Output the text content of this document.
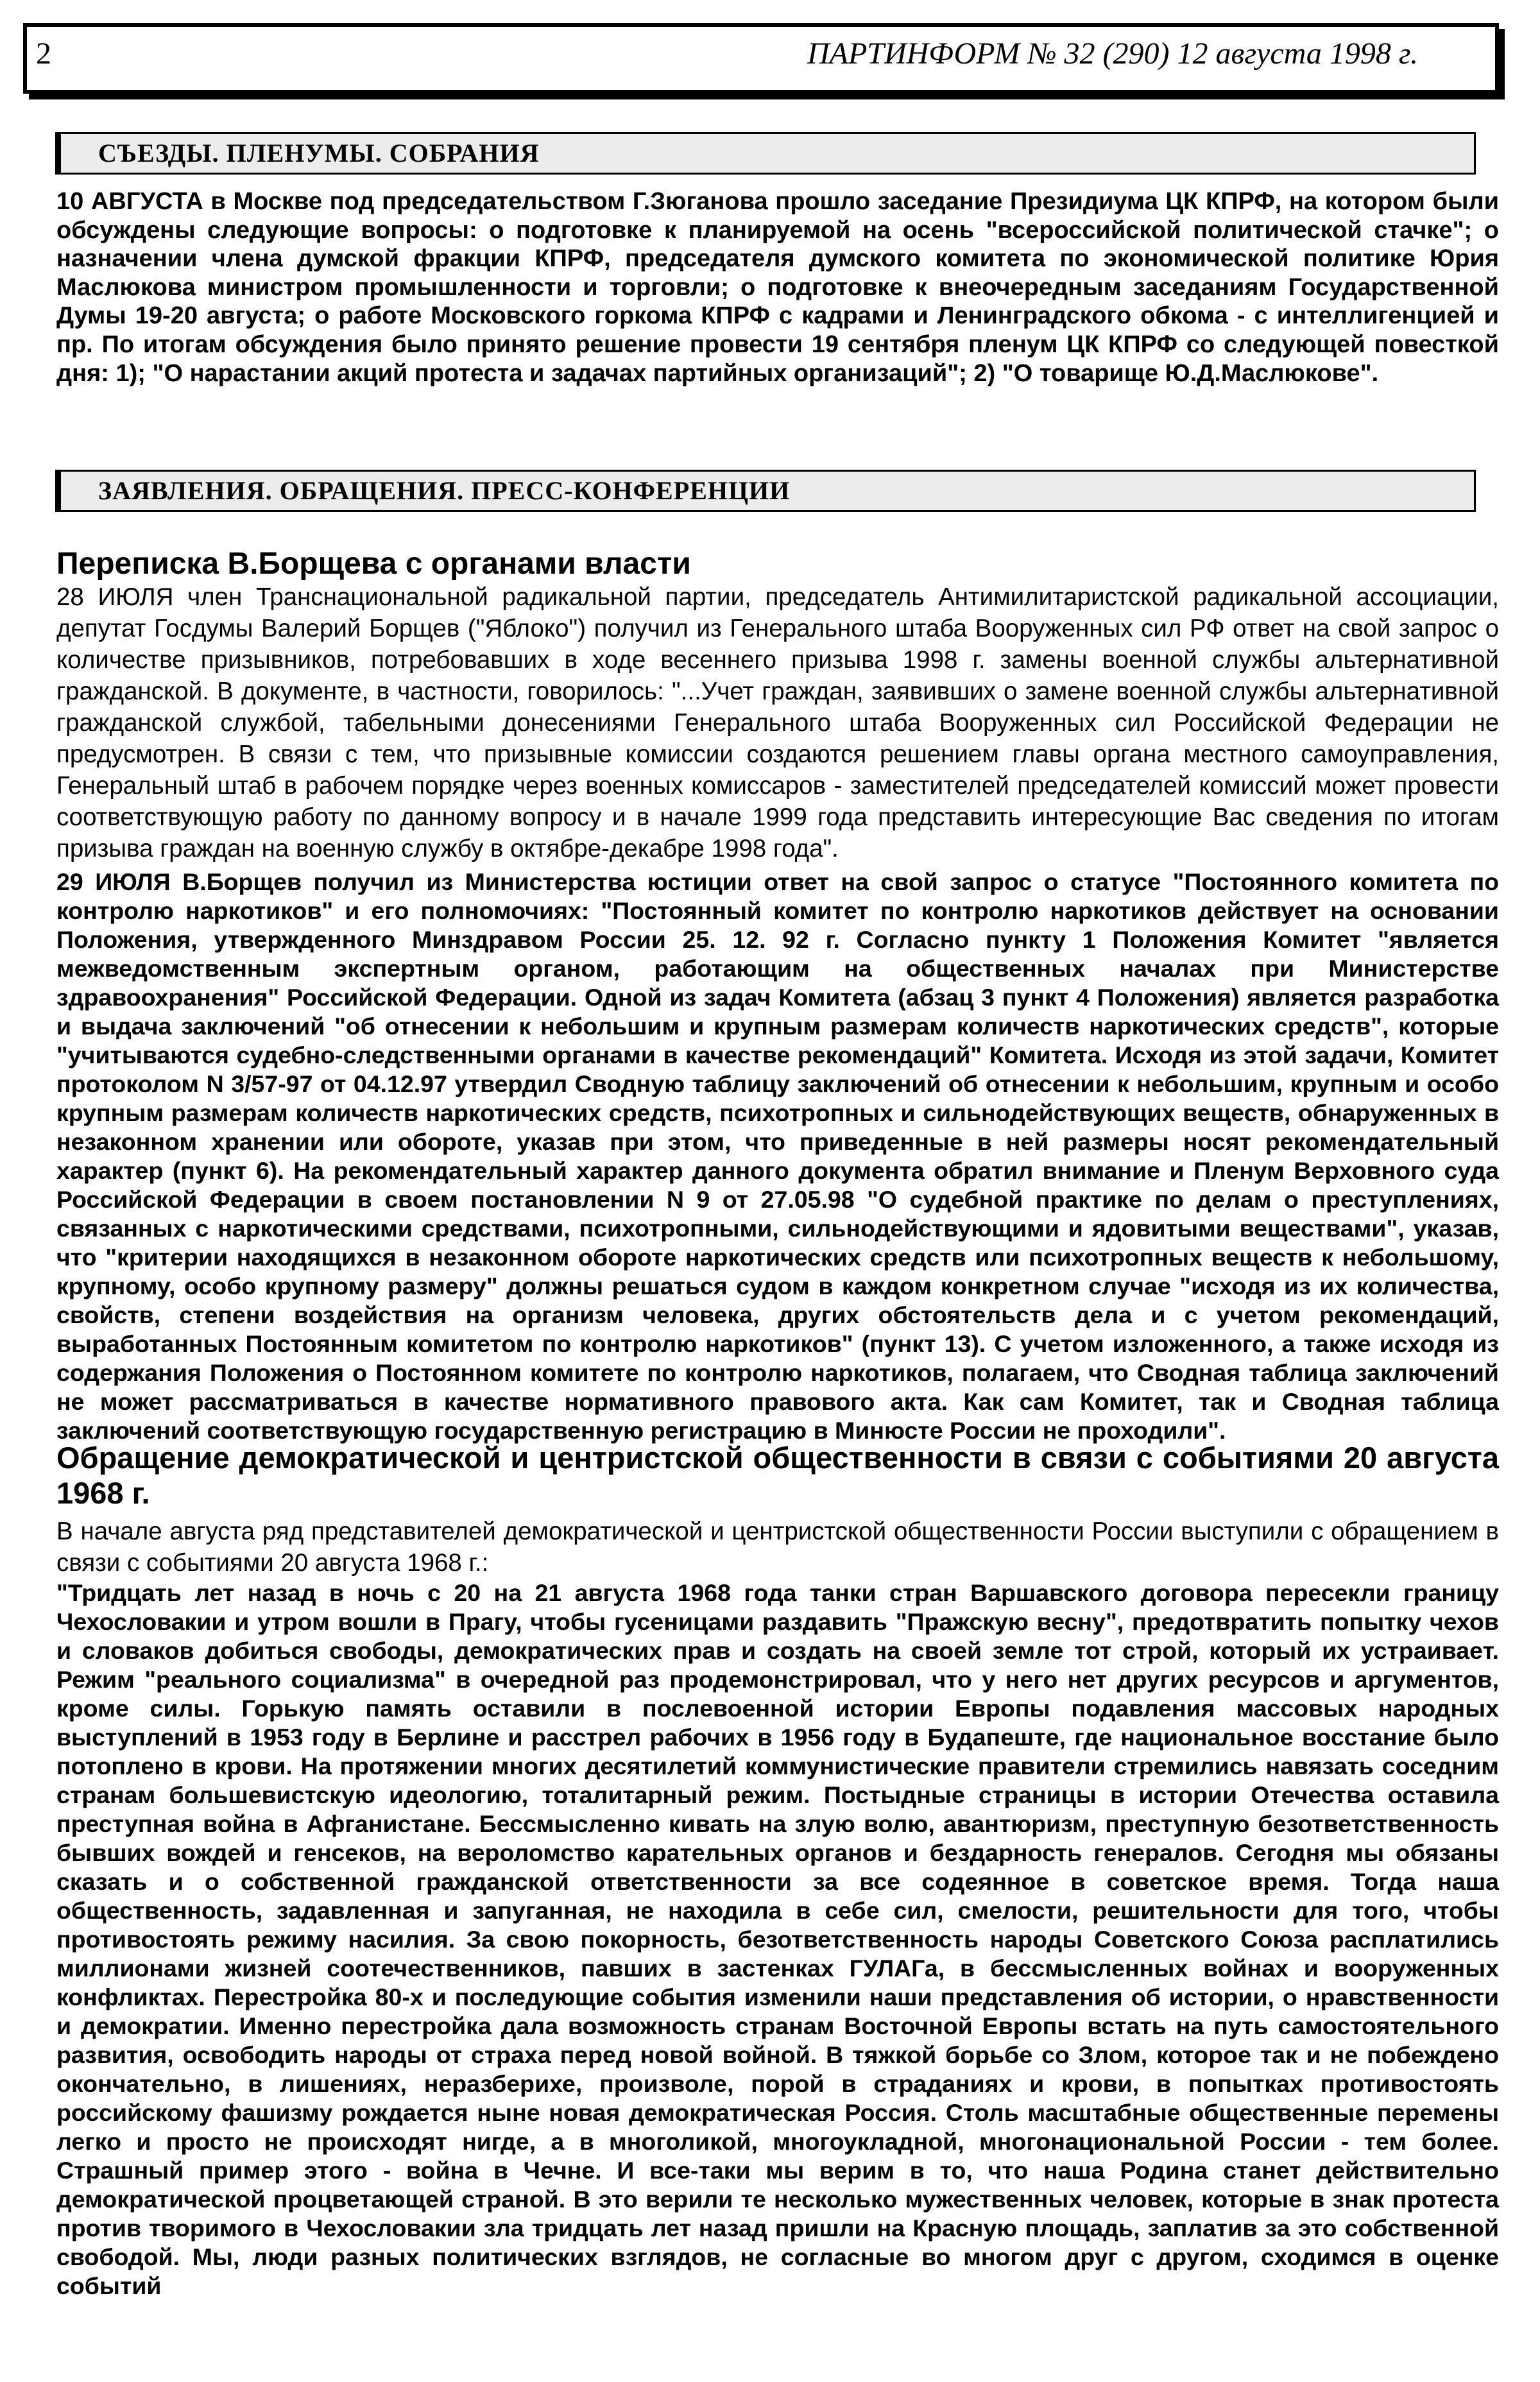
2	ПАРТИНФОРМ № 32 (290) 12 августа 1998 г.
СЪЕЗДЫ. ПЛЕНУМЫ. СОБРАНИЯ
10 АВГУСТА в Москве под председательством Г.Зюганова прошло заседание Президиума ЦК КПРФ, на котором были обсуждены следующие вопросы: о подготовке к планируемой на осень "всероссийской политической стачке"; о назначении члена думской фракции КПРФ, председателя думского комитета по экономической политике Юрия Маслюкова министром промышленности и торговли; о подготовке к внеочередным заседаниям Государственной Думы 19-20 августа; о работе Московского горкома КПРФ с кадрами и Ленинградского обкома - с интеллигенцией и пр. По итогам обсуждения было принято решение провести 19 сентября пленум ЦК КПРФ со следующей повесткой дня: 1); "О нарастании акций протеста и задачах партийных организаций"; 2) "О товарище Ю.Д.Маслюкове".
ЗАЯВЛЕНИЯ. ОБРАЩЕНИЯ. ПРЕСС-КОНФЕРЕНЦИИ
Переписка В.Борщева с органами власти
28 ИЮЛЯ член Транснациональной радикальной партии, председатель Антимилитаристской радикальной ассоциации, депутат Госдумы Валерий Борщев ("Яблоко") получил из Генерального штаба Вооруженных сил РФ ответ на свой запрос о количестве призывников, потребовавших в ходе весеннего призыва 1998 г. замены военной службы альтернативной гражданской. В документе, в частности, говорилось: "...Учет граждан, заявивших о замене военной службы альтернативной гражданской службой, табельными донесениями Генерального штаба Вооруженных сил Российской Федерации не предусмотрен. В связи с тем, что призывные комиссии создаются решением главы органа местного самоуправления, Генеральный штаб в рабочем порядке через военных комиссаров - заместителей председателей комиссий может провести соответствующую работу по данному вопросу и в начале 1999 года представить интересующие Вас сведения по итогам призыва граждан на военную службу в октябре-декабре 1998 года".
29 ИЮЛЯ В.Борщев получил из Министерства юстиции ответ на свой запрос о статусе "Постоянного комитета по контролю наркотиков" и его полномочиях: "Постоянный комитет по контролю наркотиков действует на основании Положения, утвержденного Минздравом России 25. 12. 92 г. Согласно пункту 1 Положения Комитет "является межведомственным экспертным органом, работающим на общественных началах при Министерстве здравоохранения" Российской Федерации. Одной из задач Комитета (абзац 3 пункт 4 Положения) является разработка и выдача заключений "об отнесении к небольшим и крупным размерам количеств наркотических средств", которые "учитываются судебно-следственными органами в качестве рекомендаций" Комитета. Исходя из этой задачи, Комитет протоколом N 3/57-97 от 04.12.97 утвердил Сводную таблицу заключений об отнесении к небольшим, крупным и особо крупным размерам количеств наркотических средств, психотропных и сильнодействующих веществ, обнаруженных в незаконном хранении или обороте, указав при этом, что приведенные в ней размеры носят рекомендательный характер (пункт 6). На рекомендательный характер данного документа обратил внимание и Пленум Верховного суда Российской Федерации в своем постановлении N 9 от 27.05.98 "О судебной практике по делам о преступлениях, связанных с наркотическими средствами, психотропными, сильнодействующими и ядовитыми веществами", указав, что "критерии находящихся в незаконном обороте наркотических средств или психотропных веществ к небольшому, крупному, особо крупному размеру" должны решаться судом в каждом конкретном случае "исходя из их количества, свойств, степени воздействия на организм человека, других обстоятельств дела и с учетом рекомендаций, выработанных Постоянным комитетом по контролю наркотиков" (пункт 13). С учетом изложенного, а также исходя из содержания Положения о Постоянном комитете по контролю наркотиков, полагаем, что Сводная таблица заключений не может рассматриваться в качестве нормативного правового акта. Как сам Комитет, так и Сводная таблица заключений соответствующую государственную регистрацию в Минюсте России не проходили".
Обращение демократической и центристской общественности в связи с событиями 20 августа 1968 г.
В начале августа ряд представителей демократической и центристской общественности России выступили с обращением в связи с событиями 20 августа 1968 г.:
"Тридцать лет назад в ночь с 20 на 21 августа 1968 года танки стран Варшавского договора пересекли границу Чехословакии и утром вошли в Прагу, чтобы гусеницами раздавить "Пражскую весну", предотвратить попытку чехов и словаков добиться свободы, демократических прав и создать на своей земле тот строй, который их устраивает. Режим "реального социализма" в очередной раз продемонстрировал, что у него нет других ресурсов и аргументов, кроме силы. Горькую память оставили в послевоенной истории Европы подавления массовых народных выступлений в 1953 году в Берлине и расстрел рабочих в 1956 году в Будапеште, где национальное восстание было потоплено в крови. На протяжении многих десятилетий коммунистические правители стремились навязать соседним странам большевистскую идеологию, тоталитарный режим. Постыдные страницы в истории Отечества оставила преступная война в Афганистане. Бессмысленно кивать на злую волю, авантюризм, преступную безответственность бывших вождей и генсеков, на вероломство карательных органов и бездарность генералов. Сегодня мы обязаны сказать и о собственной гражданской ответственности за все содеянное в советское время. Тогда наша общественность, задавленная и запуганная, не находила в себе сил, смелости, решительности для того, чтобы противостоять режиму насилия. За свою покорность, безответственность народы Советского Союза расплатились миллионами жизней соотечественников, павших в застенках ГУЛАГа, в бессмысленных войнах и вооруженных конфликтах. Перестройка 80-х и последующие события изменили наши представления об истории, о нравственности и демократии. Именно перестройка дала возможность странам Восточной Европы встать на путь самостоятельного развития, освободить народы от страха перед новой войной. В тяжкой борьбе со Злом, которое так и не побеждено окончательно, в лишениях, неразберихе, произволе, порой в страданиях и крови, в попытках противостоять российскому фашизму рождается ныне новая демократическая Россия. Столь масштабные общественные перемены легко и просто не происходят нигде, а в многоликой, многоукладной, многонациональной России - тем более. Страшный пример этого - война в Чечне. И все-таки мы верим в то, что наша Родина станет действительно демократической процветающей страной. В это верили те несколько мужественных человек, которые в знак протеста против творимого в Чехословакии зла тридцать лет назад пришли на Красную площадь, заплатив за это собственной свободой. Мы, люди разных политических взглядов, не согласные во многом друг с другом, сходимся в оценке событий
